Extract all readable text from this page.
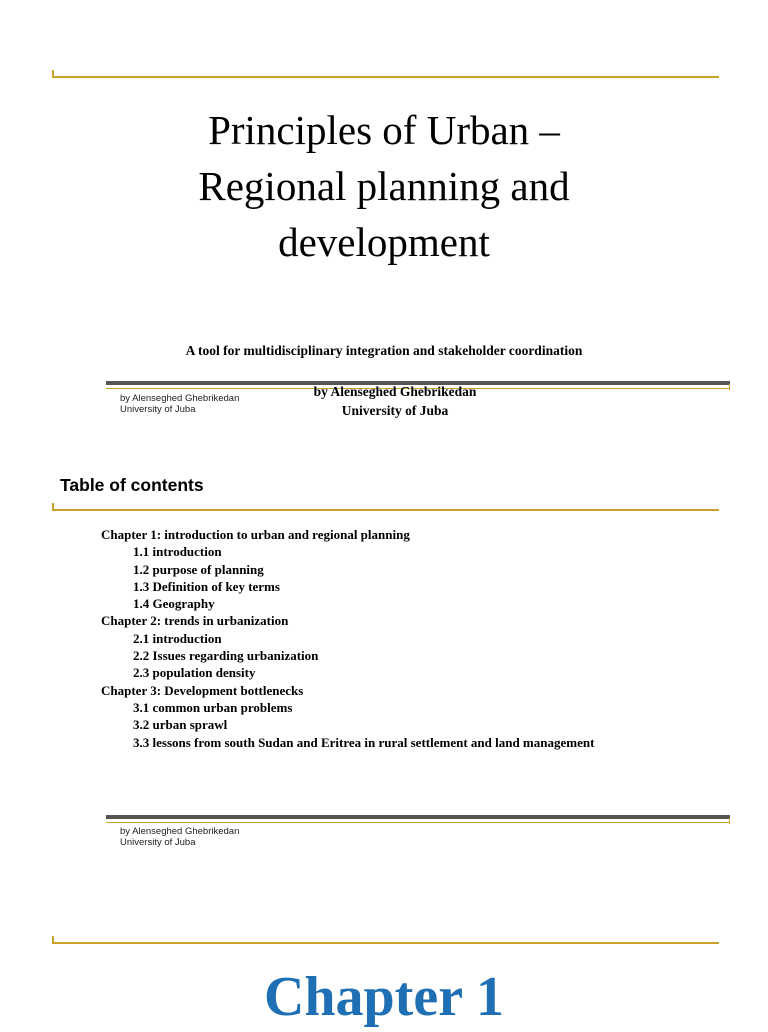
Principles of Urban –
Regional planning and
development
A tool for multidisciplinary integration and stakeholder coordination
by Alenseghed Ghebrikedan
University of Juba
by Alenseghed Ghebrikedan
University of Juba
Table of contents
Chapter 1: introduction to urban and regional planning
1.1 introduction
1.2 purpose of planning
1.3 Definition of key terms
1.4 Geography
Chapter 2: trends in urbanization
2.1 introduction
2.2 Issues regarding urbanization
2.3 population density
Chapter 3: Development bottlenecks
3.1 common urban problems
3.2 urban sprawl
3.3 lessons from south Sudan and Eritrea in rural settlement and land management
by Alenseghed Ghebrikedan
University of Juba
Chapter 1
